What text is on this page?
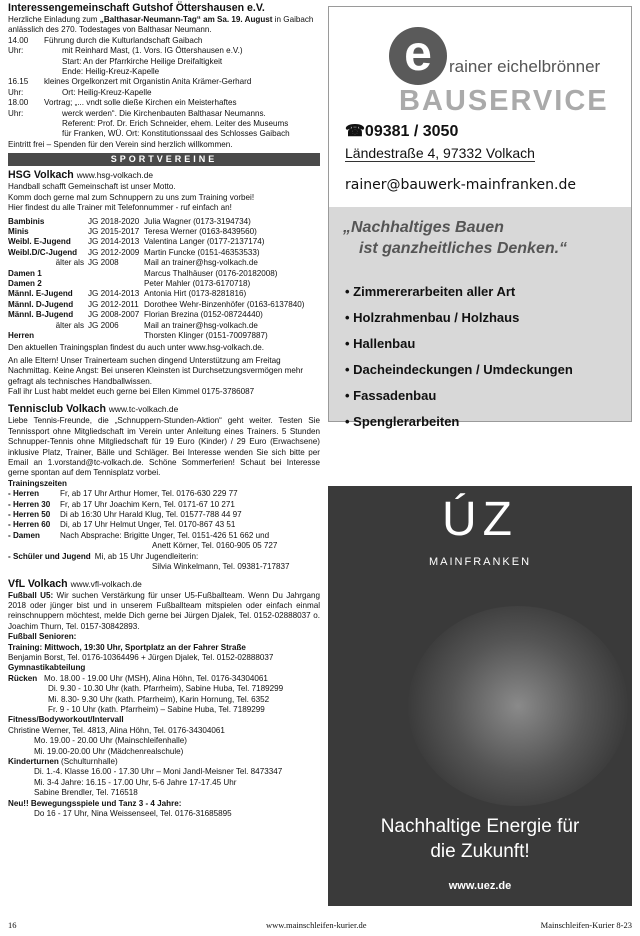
Interessengemeinschaft Gutshof Öttershausen e.V.

Herzliche Einladung zum „Balthasar-Neumann-Tag“ am Sa. 19. August in Gaibach anlässlich des 270. Todestages von Balthasar Neumann.

14.00 Uhr:
Führung durch die Kulturlandschaft Gaibach
mit Reinhard Mast, (1. Vors. IG Öttershausen e.V.)
Start: An der Pfarrkirche Heilige Dreifaltigkeit
Ende: Heilig-Kreuz-Kapelle
16.15 Uhr:
kleines Orgelkonzert mit Organistin Anita Krämer-Gerhard
Ort: Heilig-Kreuz-Kapelle
18.00 Uhr:
Vortrag; „... vndt solle dieße Kirchen ein Meisterhaftes
werck werden“. Die Kirchenbauten Balthasar Neumanns.
Referent: Prof. Dr. Erich Schneider, ehem. Leiter des Museums
für Franken, WÜ. Ort: Konstitutionssaal des Schlosses Gaibach

Eintritt frei – Spenden für den Verein sind herzlich willkommen.

SPORTVEREINE

HSG Volkach www.hsg-volkach.de

Handball schafft Gemeinschaft ist unser Motto.

Komm doch gerne mal zum Schnuppern zu uns zum Training vorbei!

Hier findest du alle Trainer mit Telefonnummer - ruf einfach an!

Bambinis	JG 2018-2020 Julia Wagner (0173-3194734)
Minis	JG 2015-2017 Teresa Werner (0163-8439560)
Weibl. E-Jugend	JG 2014-2013 Valentina Langer (0177-2137174)
Weibl.D/C-Jugend	JG 2012-2009 Martin Funcke (0151-46353533)
älter als JG 2008	Mail an trainer@hsg-volkach.de
Damen 1	Marcus Thalhäuser (0176-20182008)
Damen 2	Peter Mahler (0173-6170718)
Männl. E-Jugend	JG 2014-2013 Antonia Hirt (0173-8281816)
Männl. D-Jugend	JG 2012-2011 Dorothee Wehr-Binzenhöfer (0163-6137840)
Männl. B-Jugend	JG 2008-2007 Florian Brezina (0152-08724440)
älter als JG 2006	Mail an trainer@hsg-volkach.de
Herren	Thorsten Klinger (0151-70097887)

Den aktuellen Trainingsplan findest du auch unter www.hsg-volkach.de.

An alle Eltern! Unser Trainerteam suchen dingend Unterstützung am Freitag Nachmittag. Keine Angst: Bei unseren Kleinsten ist Durchsetzungsvermögen mehr gefragt als technisches Handballwissen.

Fall ihr Lust habt meldet euch gerne bei Ellen Kimmel 0175-3786087

Tennisclub Volkach www.tc-volkach.de

Liebe Tennis-Freunde, die „Schnuppern-Stunden-Aktion“ geht weiter. Testen Sie Tennissport ohne Mitgliedschaft im Verein unter Anleitung eines Trainers. 5 Stunden Schnupper-Tennis ohne Mitgliedschaft für 19 Euro (Kinder) / 29 Euro (Erwachsene) inklusive Platz, Trainer, Bälle und Schläger. Bei Interesse wenden Sie sich bitte per Email an 1.vorstand@tc-volkach.de. Schöne Sommerferien! Schaut bei Interesse gerne spontan auf dem Tennisplatz vorbei.

Trainingszeiten

- Herren	Fr, ab 17 Uhr Arthur Homer, Tel. 0176-630 229 77
- Herren 30 Fr, ab 17 Uhr Joachim Kern, Tel. 0171-67 10 271
- Herren 50 Di ab 16:30 Uhr Harald Klug, Tel. 01577-788 44 97
- Herren 60 Di, ab 17 Uhr Helmut Unger, Tel. 0170-867 43 51
- Damen Nach Absprache: Brigitte Unger, Tel. 0151-426 51 662 und
Anett Körner, Tel. 0160-905 05 727
- Schüler und Jugend Mi, ab 15 Uhr Jugendleiterin:
Silvia Winkelmann, Tel. 09381-717837

VfL Volkach www.vfl-volkach.de

Fußball U5: Wir suchen Verstärkung für unser U5-Fußballteam. Wenn Du Jahrgang 2018 oder jünger bist und in unserem Fußballteam mitspielen oder einfach einmal reinschnuppern möchtest, melde Dich gerne bei Jürgen Djalek, Tel. 0152-02888037 o. Joachim Thurn, Tel. 0157-30842893.

Fußball Senioren:

Training: Mittwoch, 19:30 Uhr, Sportplatz an der Fahrer Straße

Benjamin Borst, Tel. 0176-10364496 + Jürgen Djalek, Tel. 0152-02888037

Gymnastikabteilung

Rücken Mo. 18.00 - 19.00 Uhr (MSH), Alina Höhn, Tel. 0176-34304061
Di. 9.30 - 10.30 Uhr (kath. Pfarrheim), Sabine Huba, Tel. 7189299
Mi. 8.30- 9.30 Uhr (kath. Pfarrheim), Karin Hornung, Tel. 6352
Fr. 9 - 10 Uhr (kath. Pfarrheim) – Sabine Huba, Tel. 7189299

Fitness/Bodyworkout/Intervall

Christine Werner, Tel. 4813, Alina Höhn, Tel. 0176-34304061

Mo. 19.00 - 20.00 Uhr (Mainschleifenhalle)

Mi. 19.00-20.00 Uhr (Mädchenrealschule)

Kinderturnen (Schulturnhalle)

Di. 1.-4. Klasse 16.00 - 17.30 Uhr – Moni Jandl-Meisner Tel. 8473347

Mi. 3-4 Jahre: 16.15 - 17.00 Uhr, 5-6 Jahre 17-17.45 Uhr

Sabine Brendler, Tel. 716518

Neu!! Bewegungsspiele und Tanz 3 - 4 Jahre:

Do 16 - 17 Uhr, Nina Weissenseel, Tel. 0176-31685895

e	rainer eichelbrönner
BAUSERVICE
☎09381 / 3050
Ländestraße 4, 97332 Volkach
rainer@bauwerk-mainfranken.de
„Nachhaltiges Bauen
ist ganzheitliches Denken.“
• Zimmererarbeiten aller Art
• Holzrahmenbau / Holzhaus
• Hallenbau
• Dacheindeckungen / Umdeckungen
• Fassadenbau
• Spenglerarbeiten
ÚZ
MAINFRANKEN
Nachhaltige Energie für
die Zukunft!
www.uez.de
16	www.mainschleifen-kurier.de	Mainschleifen-Kurier 8-23
